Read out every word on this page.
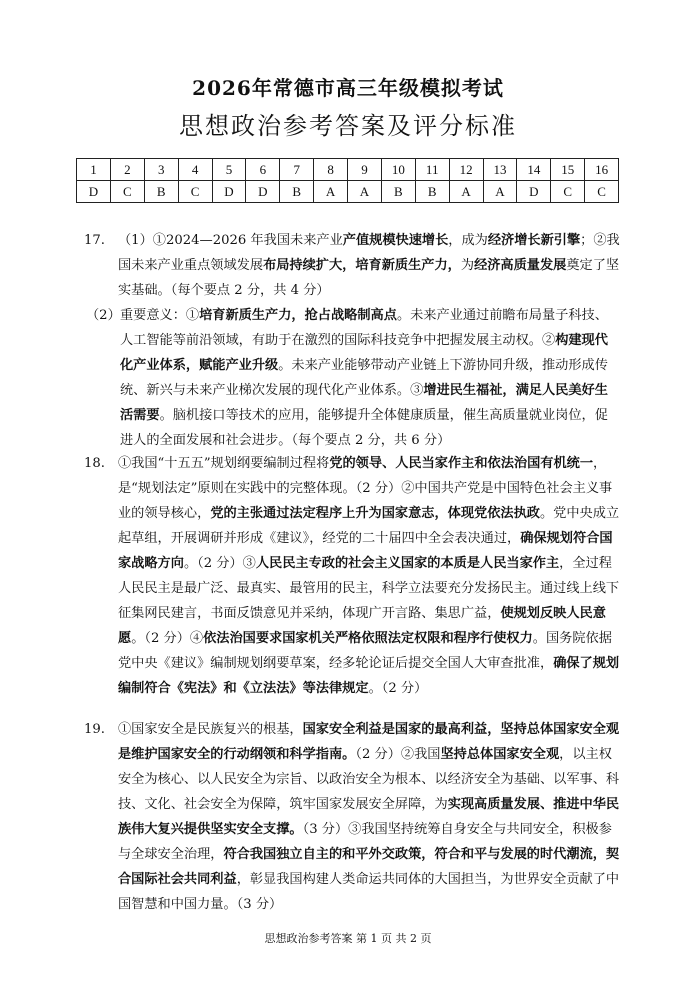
2026年常德市高三年级模拟考试
思想政治参考答案及评分标准
1	2	3	4	5	6	7	8	9	10	11	12	13	14	15	16
D	C	B	C	D	D	B	A	A	B	B	A	A	D	C	C

17. （1）①2024—2026 年我国未来产业产值规模快速增长，成为经济增长新引擎；②我国未来产业重点领域发展布局持续扩大，培育新质生产力，为经济高质量发展奠定了坚实基础。（每个要点 2 分，共 4 分）

（2）重要意义：①培育新质生产力，抢占战略制高点。未来产业通过前瞻布局量子科技、人工智能等前沿领域，有助于在激烈的国际科技竞争中把握发展主动权。②构建现代化产业体系，赋能产业升级。未来产业能够带动产业链上下游协同升级，推动形成传统、新兴与未来产业梯次发展的现代化产业体系。③增进民生福祉，满足人民美好生活需要。脑机接口等技术的应用，能够提升全体健康质量，催生高质量就业岗位，促进人的全面发展和社会进步。（每个要点 2 分，共 6 分）

18. ①我国“十五五”规划纲要编制过程将党的领导、人民当家作主和依法治国有机统一，是“规划法定”原则在实践中的完整体现。（2 分）②中国共产党是中国特色社会主义事业的领导核心，党的主张通过法定程序上升为国家意志，体现党依法执政。党中央成立起草组，开展调研并形成《建议》，经党的二十届四中全会表决通过，确保规划符合国家战略方向。（2 分）③人民民主专政的社会主义国家的本质是人民当家作主，全过程人民民主是最广泛、最真实、最管用的民主，科学立法要充分发扬民主。通过线上线下征集网民建言，书面反馈意见并采纳，体现广开言路、集思广益，使规划反映人民意愿。（2 分）④依法治国要求国家机关严格依照法定权限和程序行使权力。国务院依据党中央《建议》编制规划纲要草案，经多轮论证后提交全国人大审查批准，确保了规划编制符合《宪法》和《立法法》等法律规定。（2 分）

19. ①国家安全是民族复兴的根基，国家安全利益是国家的最高利益，坚持总体国家安全观是维护国家安全的行动纲领和科学指南。（2 分）②我国坚持总体国家安全观，以主权安全为核心、以人民安全为宗旨、以政治安全为根本、以经济安全为基础、以军事、科技、文化、社会安全为保障，筑牢国家发展安全屏障，为实现高质量发展、推进中华民族伟大复兴提供坚实安全支撑。（3 分）③我国坚持统筹自身安全与共同安全，积极参与全球安全治理，符合我国独立自主的和平外交政策，符合和平与发展的时代潮流，契合国际社会共同利益，彰显我国构建人类命运共同体的大国担当，为世界安全贡献了中国智慧和中国力量。（3 分）

思想政治参考答案 第 1 页 共 2 页
